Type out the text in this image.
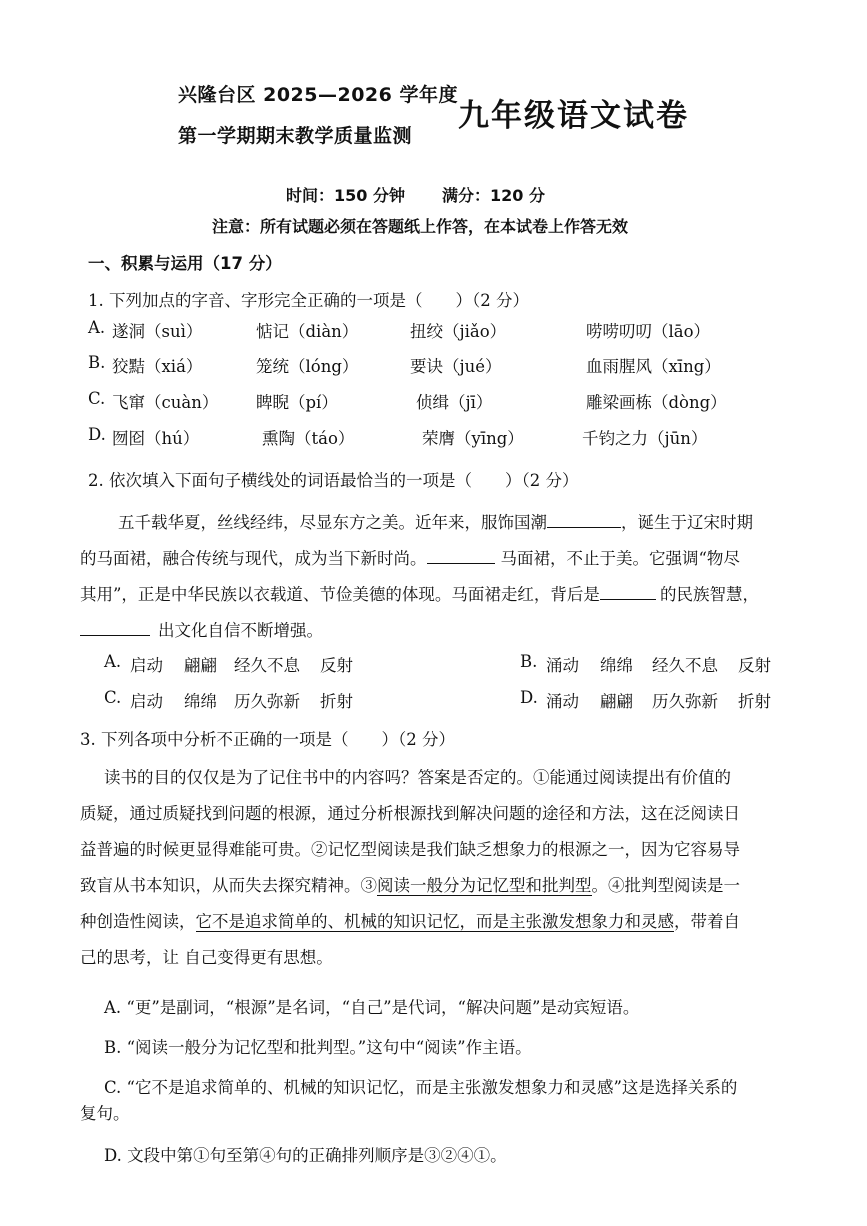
兴隆台区 2025—2026 学年度
第一学期期末教学质量监测
九年级语文试卷
时间：150 分钟 满分：120 分
注意：所有试题必须在答题纸上作答，在本试卷上作答无效
一、积累与运用（17 分）
1. 下列加点的字音、字形完全正确的一项是（　　）（2 分）
A. 遂洞（suì）	惦记（diàn）	扭绞（jiǎo）	唠唠叨叨（lāo）
B. 狡黠（xiá）	笼统（lóng）	要诀（jué）	血雨腥风（xīng）
C. 飞窜（cuàn） 睥睨（pí）	侦缉（jī）	雕梁画栋（dòng）
D. 囫囵（hú）	熏陶（táo）	荣膺（yīng）	千钧之力（jūn）
2. 依次填入下面句子横线处的词语最恰当的一项是（　　）（2 分）
五千载华夏，丝线经纬，尽显东方之美。近年来，服饰国潮	，诞生于辽宋时期
的马面裙，融合传统与现代，成为当下新时尚。	马面裙，不止于美。它强调“物尽
其用”，正是中华民族以衣载道、节俭美德的体现。马面裙走红，背后是	的民族智慧，
出文化自信不断增强。
A. 启动 翩翩 经久不息 反射	B. 涌动 绵绵 经久不息 反射
C. 启动 绵绵 历久弥新 折射	D. 涌动 翩翩 历久弥新 折射
3. 下列各项中分析不正确的一项是（　　）（2 分）
读书的目的仅仅是为了记住书中的内容吗？答案是否定的。①能通过阅读提出有价值的
质疑，通过质疑找到问题的根源，通过分析根源找到解决问题的途径和方法，这在泛阅读日
益普遍的时候更显得难能可贵。②记忆型阅读是我们缺乏想象力的根源之一，因为它容易导
致盲从书本知识，从而失去探究精神。③阅读一般分为记忆型和批判型。④批判型阅读是一
种创造性阅读，它不是追求简单的、机械的知识记忆，而是主张激发想象力和灵感，带着自
己的思考，让 自己变得更有思想。
A. “更”是副词，“根源”是名词，“自己”是代词，“解决问题”是动宾短语。
B. “阅读一般分为记忆型和批判型。”这句中“阅读”作主语。
C. “它不是追求简单的、机械的知识记忆，而是主张激发想象力和灵感”这是选择关系的
复句。
D. 文段中第①句至第④句的正确排列顺序是③②④①。
